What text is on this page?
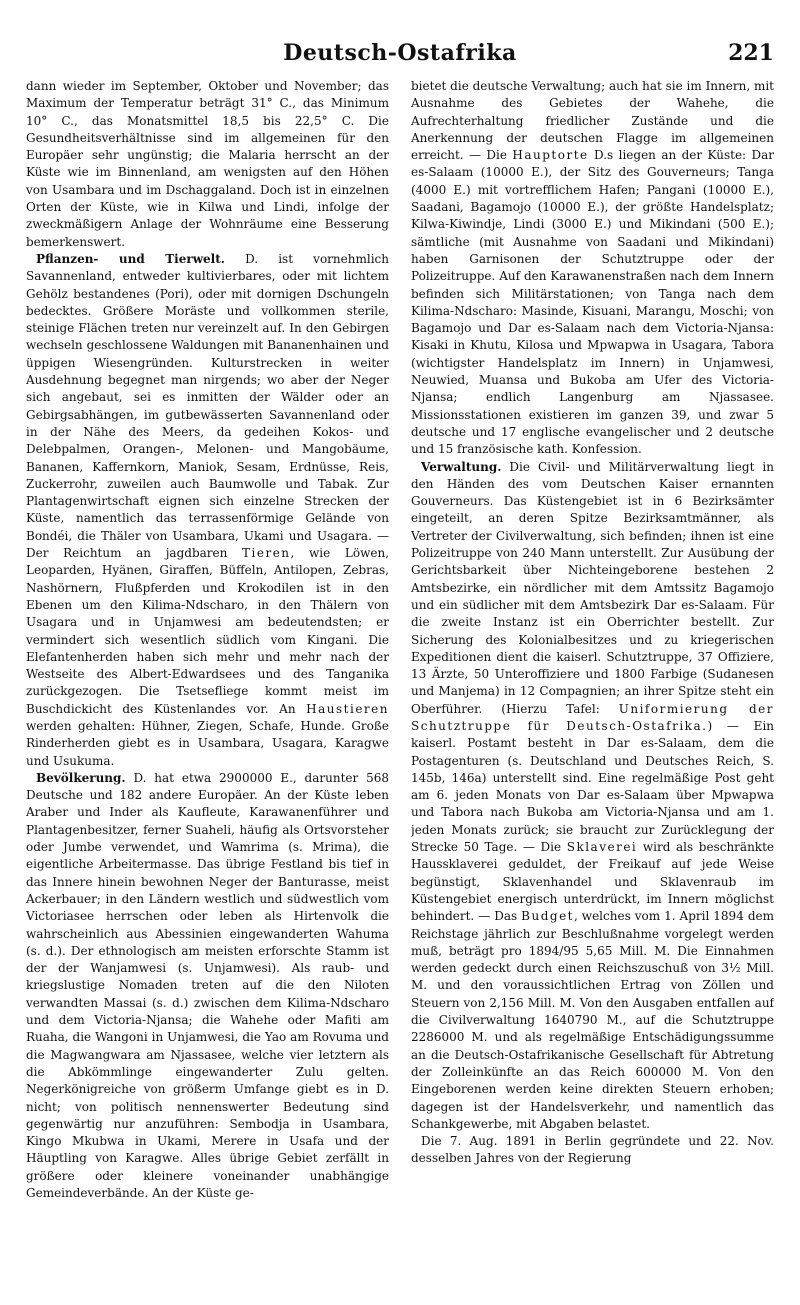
Deutsch-Ostafrika	221

dann wieder im September, Oktober und November; das Maximum der Temperatur beträgt 31° C., das Minimum 10° C., das Monatsmittel 18,5 bis 22,5° C. Die Gesundheitsverhältnisse sind im allgemeinen für den Europäer sehr ungünstig; die Malaria herrscht an der Küste wie im Binnenland, am wenigsten auf den Höhen von Usambara und im Dschaggaland. Doch ist in einzelnen Orten der Küste, wie in Kilwa und Lindi, infolge der zweckmäßigern Anlage der Wohnräume eine Besserung bemerkenswert.

Pflanzen- und Tierwelt. D. ist vornehmlich Savannenland, entweder kultivierbares, oder mit lichtem Gehölz bestandenes (Pori), oder mit dornigen Dschungeln bedecktes. Größere Moräste und vollkommen sterile, steinige Flächen treten nur vereinzelt auf. In den Gebirgen wechseln geschlossene Waldungen mit Bananenhainen und üppigen Wiesengründen. Kulturstrecken in weiter Ausdehnung begegnet man nirgends; wo aber der Neger sich angebaut, sei es inmitten der Wälder oder an Gebirgsabhängen, im gutbewässerten Savannenland oder in der Nähe des Meers, da gedeihen Kokos- und Delebpalmen, Orangen-, Melonen- und Mangobäume, Bananen, Kaffernkorn, Maniok, Sesam, Erdnüsse, Reis, Zuckerrohr, zuweilen auch Baumwolle und Tabak. Zur Plantagenwirtschaft eignen sich einzelne Strecken der Küste, namentlich das terrassenförmige Gelände von Bondéi, die Thäler von Usambara, Ukami und Usagara. — Der Reichtum an jagdbaren Tieren, wie Löwen, Leoparden, Hyänen, Giraffen, Büffeln, Antilopen, Zebras, Nashörnern, Flußpferden und Krokodilen ist in den Ebenen um den Kilima-Ndscharo, in den Thälern von Usagara und in Unjamwesi am bedeutendsten; er vermindert sich wesentlich südlich vom Kingani. Die Elefantenherden haben sich mehr und mehr nach der Westseite des Albert-Edwardsees und des Tanganika zurückgezogen. Die Tsetsefliege kommt meist im Buschdickicht des Küstenlandes vor. An Haustieren werden gehalten: Hühner, Ziegen, Schafe, Hunde. Große Rinderherden giebt es in Usambara, Usagara, Karagwe und Usukuma.

Bevölkerung. D. hat etwa 2900000 E., darunter 568 Deutsche und 182 andere Europäer. An der Küste leben Araber und Inder als Kaufleute, Karawanenführer und Plantagenbesitzer, ferner Suaheli, häufig als Ortsvorsteher oder Jumbe verwendet, und Wamrima (s. Mrima), die eigentliche Arbeitermasse. Das übrige Festland bis tief in das Innere hinein bewohnen Neger der Banturasse, meist Ackerbauer; in den Ländern westlich und südwestlich vom Victoriasee herrschen oder leben als Hirtenvolk die wahrscheinlich aus Abessinien eingewanderten Wahuma (s. d.). Der ethnologisch am meisten erforschte Stamm ist der der Wanjamwesi (s. Unjamwesi). Als raub- und kriegslustige Nomaden treten auf die den Niloten verwandten Massai (s. d.) zwischen dem Kilima-Ndscharo und dem Victoria-Njansa; die Wahehe oder Mafiti am Ruaha, die Wangoni in Unjamwesi, die Yao am Rovuma und die Magwangwara am Njassasee, welche vier letztern als die Abkömmlinge eingewanderter Zulu gelten. Negerkönigreiche von größerm Umfange giebt es in D. nicht; von politisch nennenswerter Bedeutung sind gegenwärtig nur anzuführen: Sembodja in Usambara, Kingo Mkubwa in Ukami, Merere in Usafa und der Häuptling von Karagwe. Alles übrige Gebiet zerfällt in größere oder kleinere voneinander unabhängige Gemeindeverbände. An der Küste ge-

bietet die deutsche Verwaltung; auch hat sie im Innern, mit Ausnahme des Gebietes der Wahehe, die Aufrechterhaltung friedlicher Zustände und die Anerkennung der deutschen Flagge im allgemeinen erreicht. — Die Hauptorte D.s liegen an der Küste: Dar es-Salaam (10000 E.), der Sitz des Gouverneurs; Tanga (4000 E.) mit vortrefflichem Hafen; Pangani (10000 E.), Saadani, Bagamojo (10000 E.), der größte Handelsplatz; Kilwa-Kiwindje, Lindi (3000 E.) und Mikindani (500 E.); sämtliche (mit Ausnahme von Saadani und Mikindani) haben Garnisonen der Schutztruppe oder der Polizeitruppe. Auf den Karawanenstraßen nach dem Innern befinden sich Militärstationen; von Tanga nach dem Kilima-Ndscharo: Masinde, Kisuani, Marangu, Moschi; von Bagamojo und Dar es-Salaam nach dem Victoria-Njansa: Kisaki in Khutu, Kilosa und Mpwapwa in Usagara, Tabora (wichtigster Handelsplatz im Innern) in Unjamwesi, Neuwied, Muansa und Bukoba am Ufer des Victoria-Njansa; endlich Langenburg am Njassasee. Missionsstationen existieren im ganzen 39, und zwar 5 deutsche und 17 englische evangelischer und 2 deutsche und 15 französische kath. Konfession.

Verwaltung. Die Civil- und Militärverwaltung liegt in den Händen des vom Deutschen Kaiser ernannten Gouverneurs. Das Küstengebiet ist in 6 Bezirksämter eingeteilt, an deren Spitze Bezirksamtmänner, als Vertreter der Civilverwaltung, sich befinden; ihnen ist eine Polizeitruppe von 240 Mann unterstellt. Zur Ausübung der Gerichtsbarkeit über Nichteingeborene bestehen 2 Amtsbezirke, ein nördlicher mit dem Amtssitz Bagamojo und ein südlicher mit dem Amtsbezirk Dar es-Salaam. Für die zweite Instanz ist ein Oberrichter bestellt. Zur Sicherung des Kolonialbesitzes und zu kriegerischen Expeditionen dient die kaiserl. Schutztruppe, 37 Offiziere, 13 Ärzte, 50 Unteroffiziere und 1800 Farbige (Sudanesen und Manjema) in 12 Compagnien; an ihrer Spitze steht ein Oberführer. (Hierzu Tafel: Uniformierung der Schutztruppe für Deutsch-Ostafrika.) — Ein kaiserl. Postamt besteht in Dar es-Salaam, dem die Postagenturen (s. Deutschland und Deutsches Reich, S. 145b, 146a) unterstellt sind. Eine regelmäßige Post geht am 6. jeden Monats von Dar es-Salaam über Mpwapwa und Tabora nach Bukoba am Victoria-Njansa und am 1. jeden Monats zurück; sie braucht zur Zurücklegung der Strecke 50 Tage. — Die Sklaverei wird als beschränkte Haussklaverei geduldet, der Freikauf auf jede Weise begünstigt, Sklavenhandel und Sklavenraub im Küstengebiet energisch unterdrückt, im Innern möglichst behindert. — Das Budget, welches vom 1. April 1894 dem Reichstage jährlich zur Beschlußnahme vorgelegt werden muß, beträgt pro 1894/95 5,65 Mill. M. Die Einnahmen werden gedeckt durch einen Reichszuschuß von 3½ Mill. M. und den voraussichtlichen Ertrag von Zöllen und Steuern von 2,156 Mill. M. Von den Ausgaben entfallen auf die Civilverwaltung 1640790 M., auf die Schutztruppe 2286000 M. und als regelmäßige Entschädigungssumme an die Deutsch-Ostafrikanische Gesellschaft für Abtretung der Zolleinkünfte an das Reich 600000 M. Von den Eingeborenen werden keine direkten Steuern erhoben; dagegen ist der Handelsverkehr, und namentlich das Schankgewerbe, mit Abgaben belastet.

Die 7. Aug. 1891 in Berlin gegründete und 22. Nov. desselben Jahres von der Regierung
